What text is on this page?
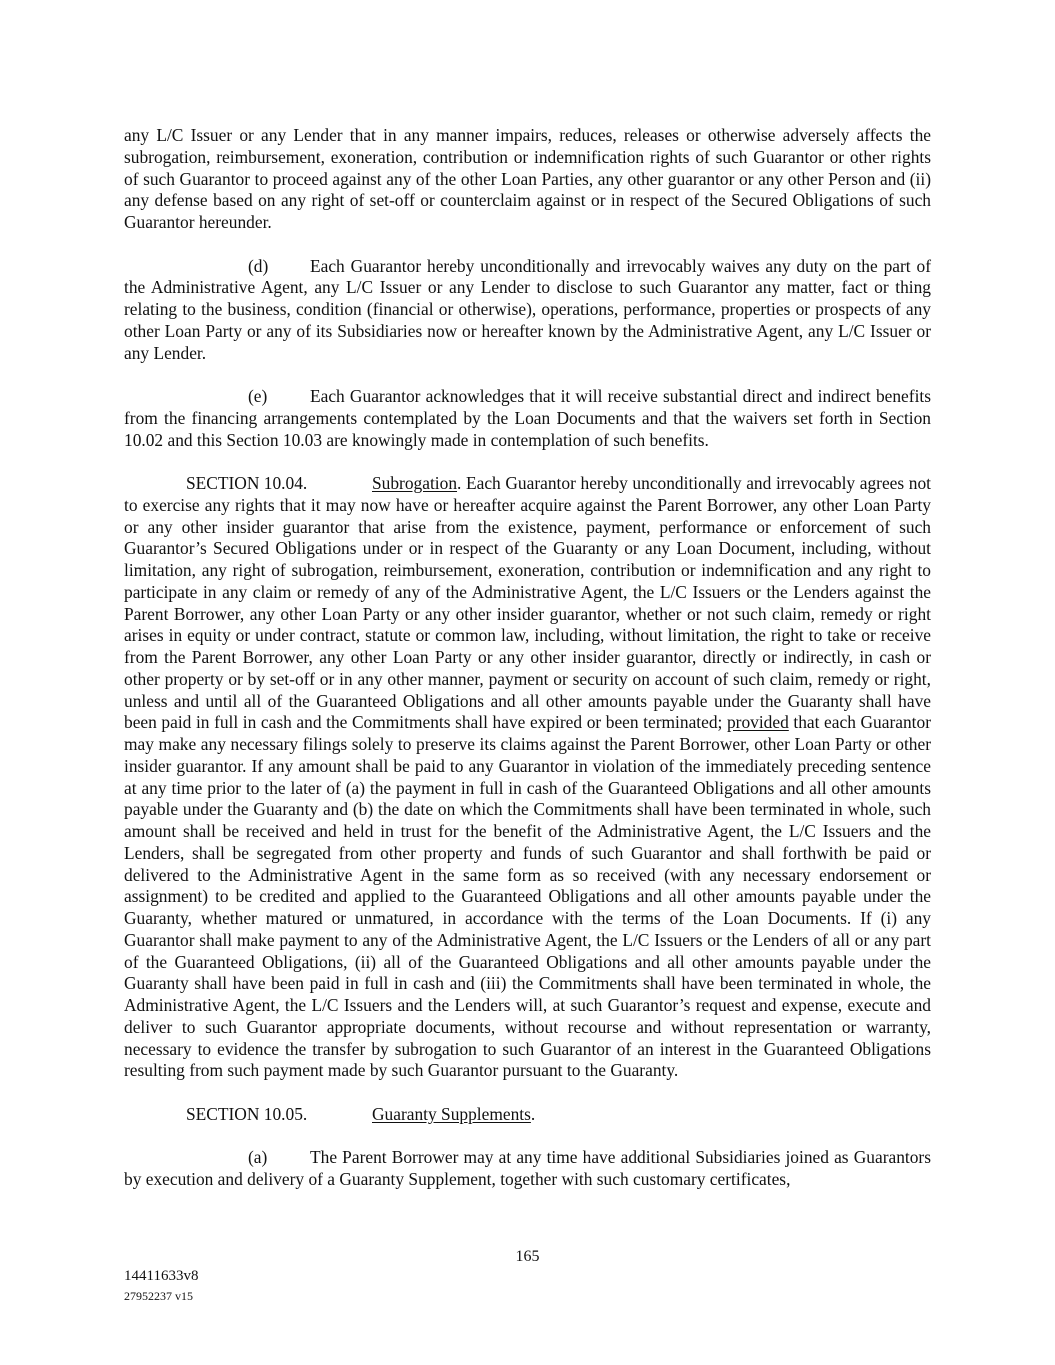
any L/C Issuer or any Lender that in any manner impairs, reduces, releases or otherwise adversely affects the subrogation, reimbursement, exoneration, contribution or indemnification rights of such Guarantor or other rights of such Guarantor to proceed against any of the other Loan Parties, any other guarantor or any other Person and (ii) any defense based on any right of set-off or counterclaim against or in respect of the Secured Obligations of such Guarantor hereunder.

(d) Each Guarantor hereby unconditionally and irrevocably waives any duty on the part of the Administrative Agent, any L/C Issuer or any Lender to disclose to such Guarantor any matter, fact or thing relating to the business, condition (financial or otherwise), operations, performance, properties or prospects of any other Loan Party or any of its Subsidiaries now or hereafter known by the Administrative Agent, any L/C Issuer or any Lender.

(e) Each Guarantor acknowledges that it will receive substantial direct and indirect benefits from the financing arrangements contemplated by the Loan Documents and that the waivers set forth in Section 10.02 and this Section 10.03 are knowingly made in contemplation of such benefits.

SECTION 10.04.	Subrogation. Each Guarantor hereby unconditionally and irrevocably agrees not to exercise any rights that it may now have or hereafter acquire against the Parent Borrower, any other Loan Party or any other insider guarantor that arise from the existence, payment, performance or enforcement of such Guarantor’s Secured Obligations under or in respect of the Guaranty or any Loan Document, including, without limitation, any right of subrogation, reimbursement, exoneration, contribution or indemnification and any right to participate in any claim or remedy of any of the Administrative Agent, the L/C Issuers or the Lenders against the Parent Borrower, any other Loan Party or any other insider guarantor, whether or not such claim, remedy or right arises in equity or under contract, statute or common law, including, without limitation, the right to take or receive from the Parent Borrower, any other Loan Party or any other insider guarantor, directly or indirectly, in cash or other property or by set-off or in any other manner, payment or security on account of such claim, remedy or right, unless and until all of the Guaranteed Obligations and all other amounts payable under the Guaranty shall have been paid in full in cash and the Commitments shall have expired or been terminated; provided that each Guarantor may make any necessary filings solely to preserve its claims against the Parent Borrower, other Loan Party or other insider guarantor. If any amount shall be paid to any Guarantor in violation of the immediately preceding sentence at any time prior to the later of (a) the payment in full in cash of the Guaranteed Obligations and all other amounts payable under the Guaranty and (b) the date on which the Commitments shall have been terminated in whole, such amount shall be received and held in trust for the benefit of the Administrative Agent, the L/C Issuers and the Lenders, shall be segregated from other property and funds of such Guarantor and shall forthwith be paid or delivered to the Administrative Agent in the same form as so received (with any necessary endorsement or assignment) to be credited and applied to the Guaranteed Obligations and all other amounts payable under the Guaranty, whether matured or unmatured, in accordance with the terms of the Loan Documents. If (i) any Guarantor shall make payment to any of the Administrative Agent, the L/C Issuers or the Lenders of all or any part of the Guaranteed Obligations, (ii) all of the Guaranteed Obligations and all other amounts payable under the Guaranty shall have been paid in full in cash and (iii) the Commitments shall have been terminated in whole, the Administrative Agent, the L/C Issuers and the Lenders will, at such Guarantor’s request and expense, execute and deliver to such Guarantor appropriate documents, without recourse and without representation or warranty, necessary to evidence the transfer by subrogation to such Guarantor of an interest in the Guaranteed Obligations resulting from such payment made by such Guarantor pursuant to the Guaranty.

SECTION 10.05.	Guaranty Supplements.

(a) The Parent Borrower may at any time have additional Subsidiaries joined as Guarantors by execution and delivery of a Guaranty Supplement, together with such customary certificates,

165
14411633v8
27952237 v15
